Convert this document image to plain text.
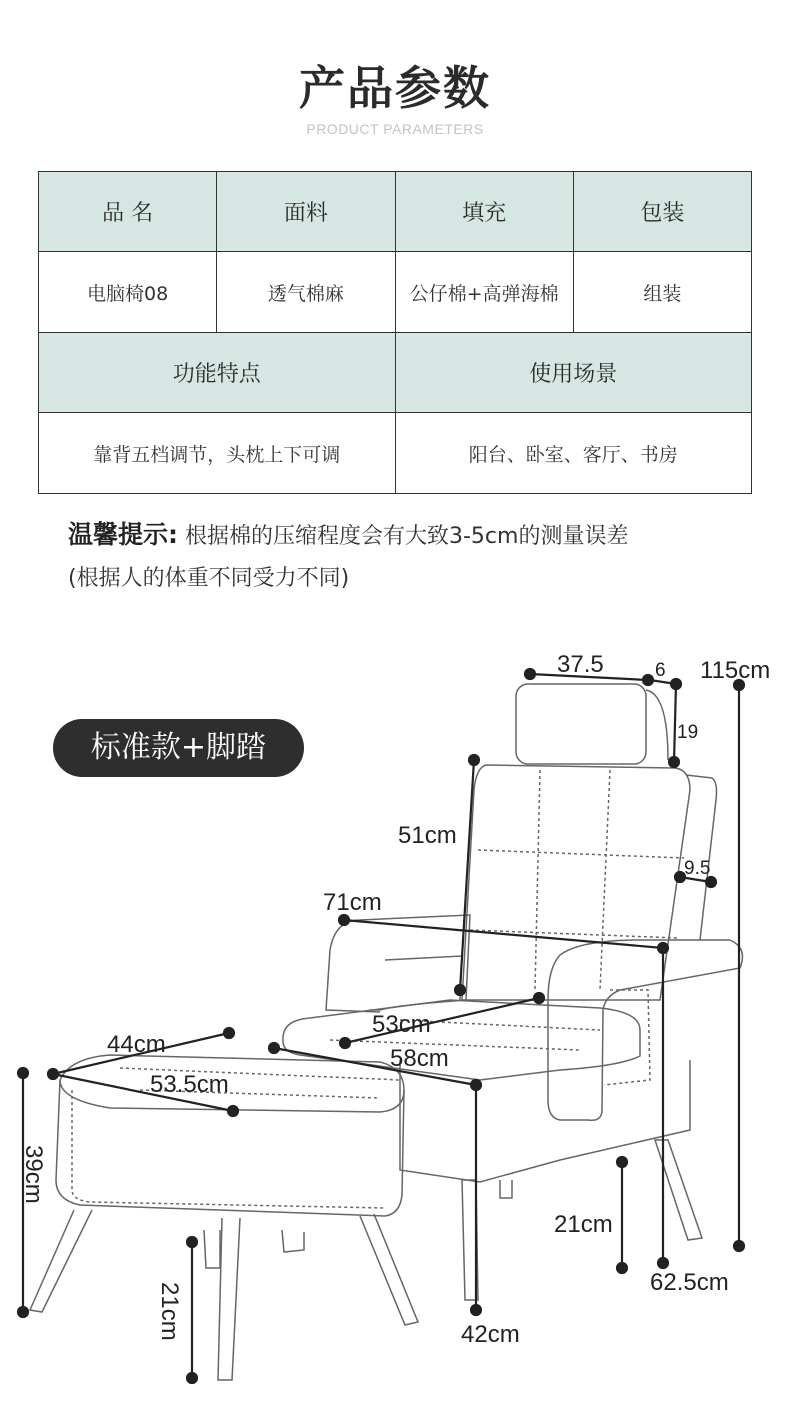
产品参数
PRODUCT PARAMETERS
品 名	面料	填充	包装
电脑椅08	透气棉麻	公仔棉+高弹海棉	组装
功能特点		使用场景	
靠背五档调节，头枕上下可调		阳台、卧室、客厅、书房	
温馨提示: 根据棉的压缩程度会有大致3-5cm的测量误差
(根据人的体重不同受力不同)
标准款+脚踏
37.5	6 115cm
19
51cm
9.5
71cm
53cm
58cm
44cm
53.5cm
39cm
21cm
21cm
42cm
62.5cm
